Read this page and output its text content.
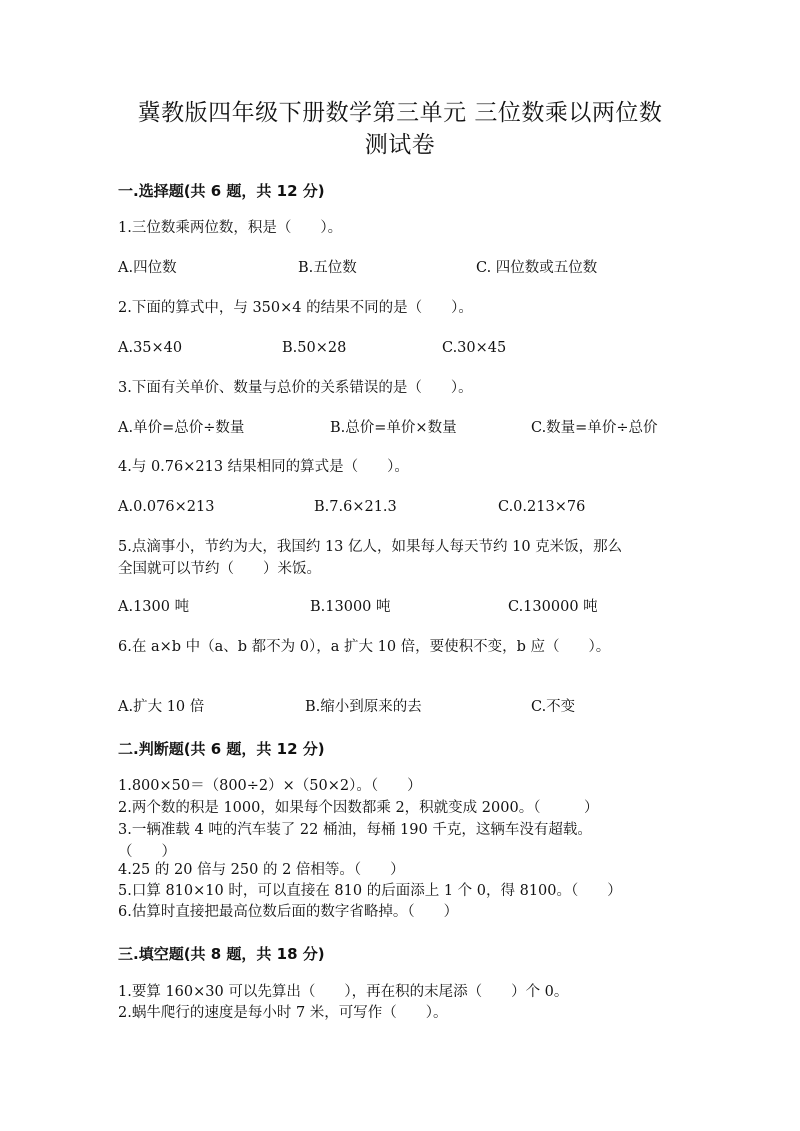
冀教版四年级下册数学第三单元 三位数乘以两位数
测试卷
一.选择题(共 6 题，共 12 分)
1.三位数乘两位数，积是（　　）。
A.四位数	B.五位数	C. 四位数或五位数
2.下面的算式中，与 350×4 的结果不同的是（　　）。
A.35×40	B.50×28	C.30×45
3.下面有关单价、数量与总价的关系错误的是（　　）。
A.单价=总价÷数量	B.总价=单价×数量	C.数量=单价÷总价
4.与 0.76×213 结果相同的算式是（　　）。
A.0.076×213	B.7.6×21.3	C.0.213×76
5.点滴事小，节约为大，我国约 13 亿人，如果每人每天节约 10 克米饭，那么
全国就可以节约（　　）米饭。
A.1300 吨	B.13000 吨	C.130000 吨
6.在 a×b 中（a、b 都不为 0），a 扩大 10 倍，要使积不变，b 应（　　）。
A.扩大 10 倍	B.缩小到原来的去	C.不变
二.判断题(共 6 题，共 12 分)
1.800×50＝（800÷2）×（50×2）。（　　）
2.两个数的积是 1000，如果每个因数都乘 2，积就变成 2000。（　　　）
3.一辆准载 4 吨的汽车装了 22 桶油，每桶 190 千克，这辆车没有超载。
（　　）
4.25 的 20 倍与 250 的 2 倍相等。（　　）
5.口算 810×10 时，可以直接在 810 的后面添上 1 个 0，得 8100。（　　）
6.估算时直接把最高位数后面的数字省略掉。（　　）
三.填空题(共 8 题，共 18 分)
1.要算 160×30 可以先算出（　　），再在积的末尾添（　　）个 0。
2.蜗牛爬行的速度是每小时 7 米，可写作（　　）。
